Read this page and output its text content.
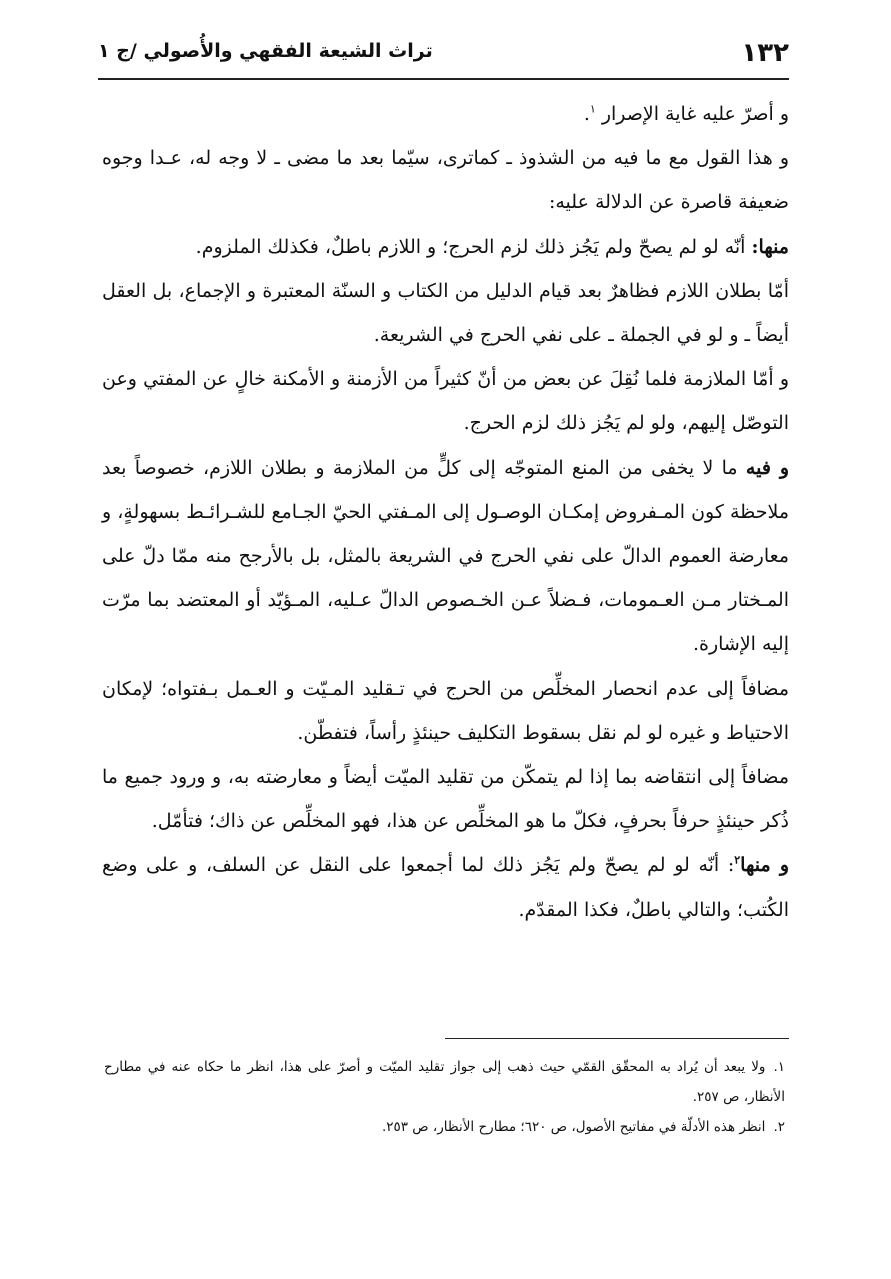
١٣٢
تراث الشيعة الفقهي والأُصولي /ج ١

و أصرّ عليه غاية الإصرار $^١$.

و هذا القول مع ما فيه من الشذوذ ـ كماترى، سيّما بعد ما مضى ـ لا وجه له، عـدا وجوه ضعيفة قاصرة عن الدلالة عليه:

منها: أنّه لو لم يصحّ ولم يَجُز ذلك لزم الحرج؛ و اللازم باطلٌ، فكذلك الملزوم.

أمّا بطلان اللازم فظاهرٌ بعد قيام الدليل من الكتاب و السنّة المعتبرة و الإجماع، بل العقل أيضاً ـ و لو في الجملة ـ على نفي الحرج في الشريعة.

و أمّا الملازمة فلما نُقِلَ عن بعض من أنّ كثيراً من الأزمنة و الأمكنة خالٍ عن المفتي وعن التوصّل إليهم، ولو لم يَجُز ذلك لزم الحرج.

و فيه ما لا يخفى من المنع المتوجّه إلى كلٍّ من الملازمة و بطلان اللازم، خصوصاً بعد ملاحظة كون المـفروض إمكـان الوصـول إلى المـفتي الحيّ الجـامع للشـرائـط بسهولةٍ، و معارضة العموم الدالّ على نفي الحرج في الشريعة بالمثل، بل بالأرجح منه ممّا دلّ على المـختار مـن العـمومات، فـضلاً عـن الخـصوص الدالّ عـليه، المـؤيّد أو المعتضد بما مرّت إليه الإشارة.

مضافاً إلى عدم انحصار المخلِّص من الحرج في تـقليد المـيّت و العـمل بـفتواه؛ لإمكان الاحتياط و غيره لو لم نقل بسقوط التكليف حينئذٍ رأساً، فتفطّن.

مضافاً إلى انتقاضه بما إذا لم يتمكّن من تقليد الميّت أيضاً و معارضته به، و ورود جميع ما ذُكر حينئذٍ حرفاً بحرفٍ، فكلّ ما هو المخلِّص عن هذا، فهو المخلِّص عن ذاك؛ فتأمّل.

و منها$^٢$: أنّه لو لم يصحّ ولم يَجُز ذلك لما أجمعوا على النقل عن السلف، و على وضع الكُتب؛ والتالي باطلٌ، فكذا المقدّم.

١.ولا يبعد أن يُراد به المحقّق القمّي حيث ذهب إلى جواز تقليد الميّت و أصرّ على هذا، انظر ما حكاه عنه في مطارح الأنظار، ص ٢٥٧.

٢.انظر هذه الأدلّة في مفاتيح الأصول، ص ٦٢٠؛ مطارح الأنظار، ص ٢٥٣.
